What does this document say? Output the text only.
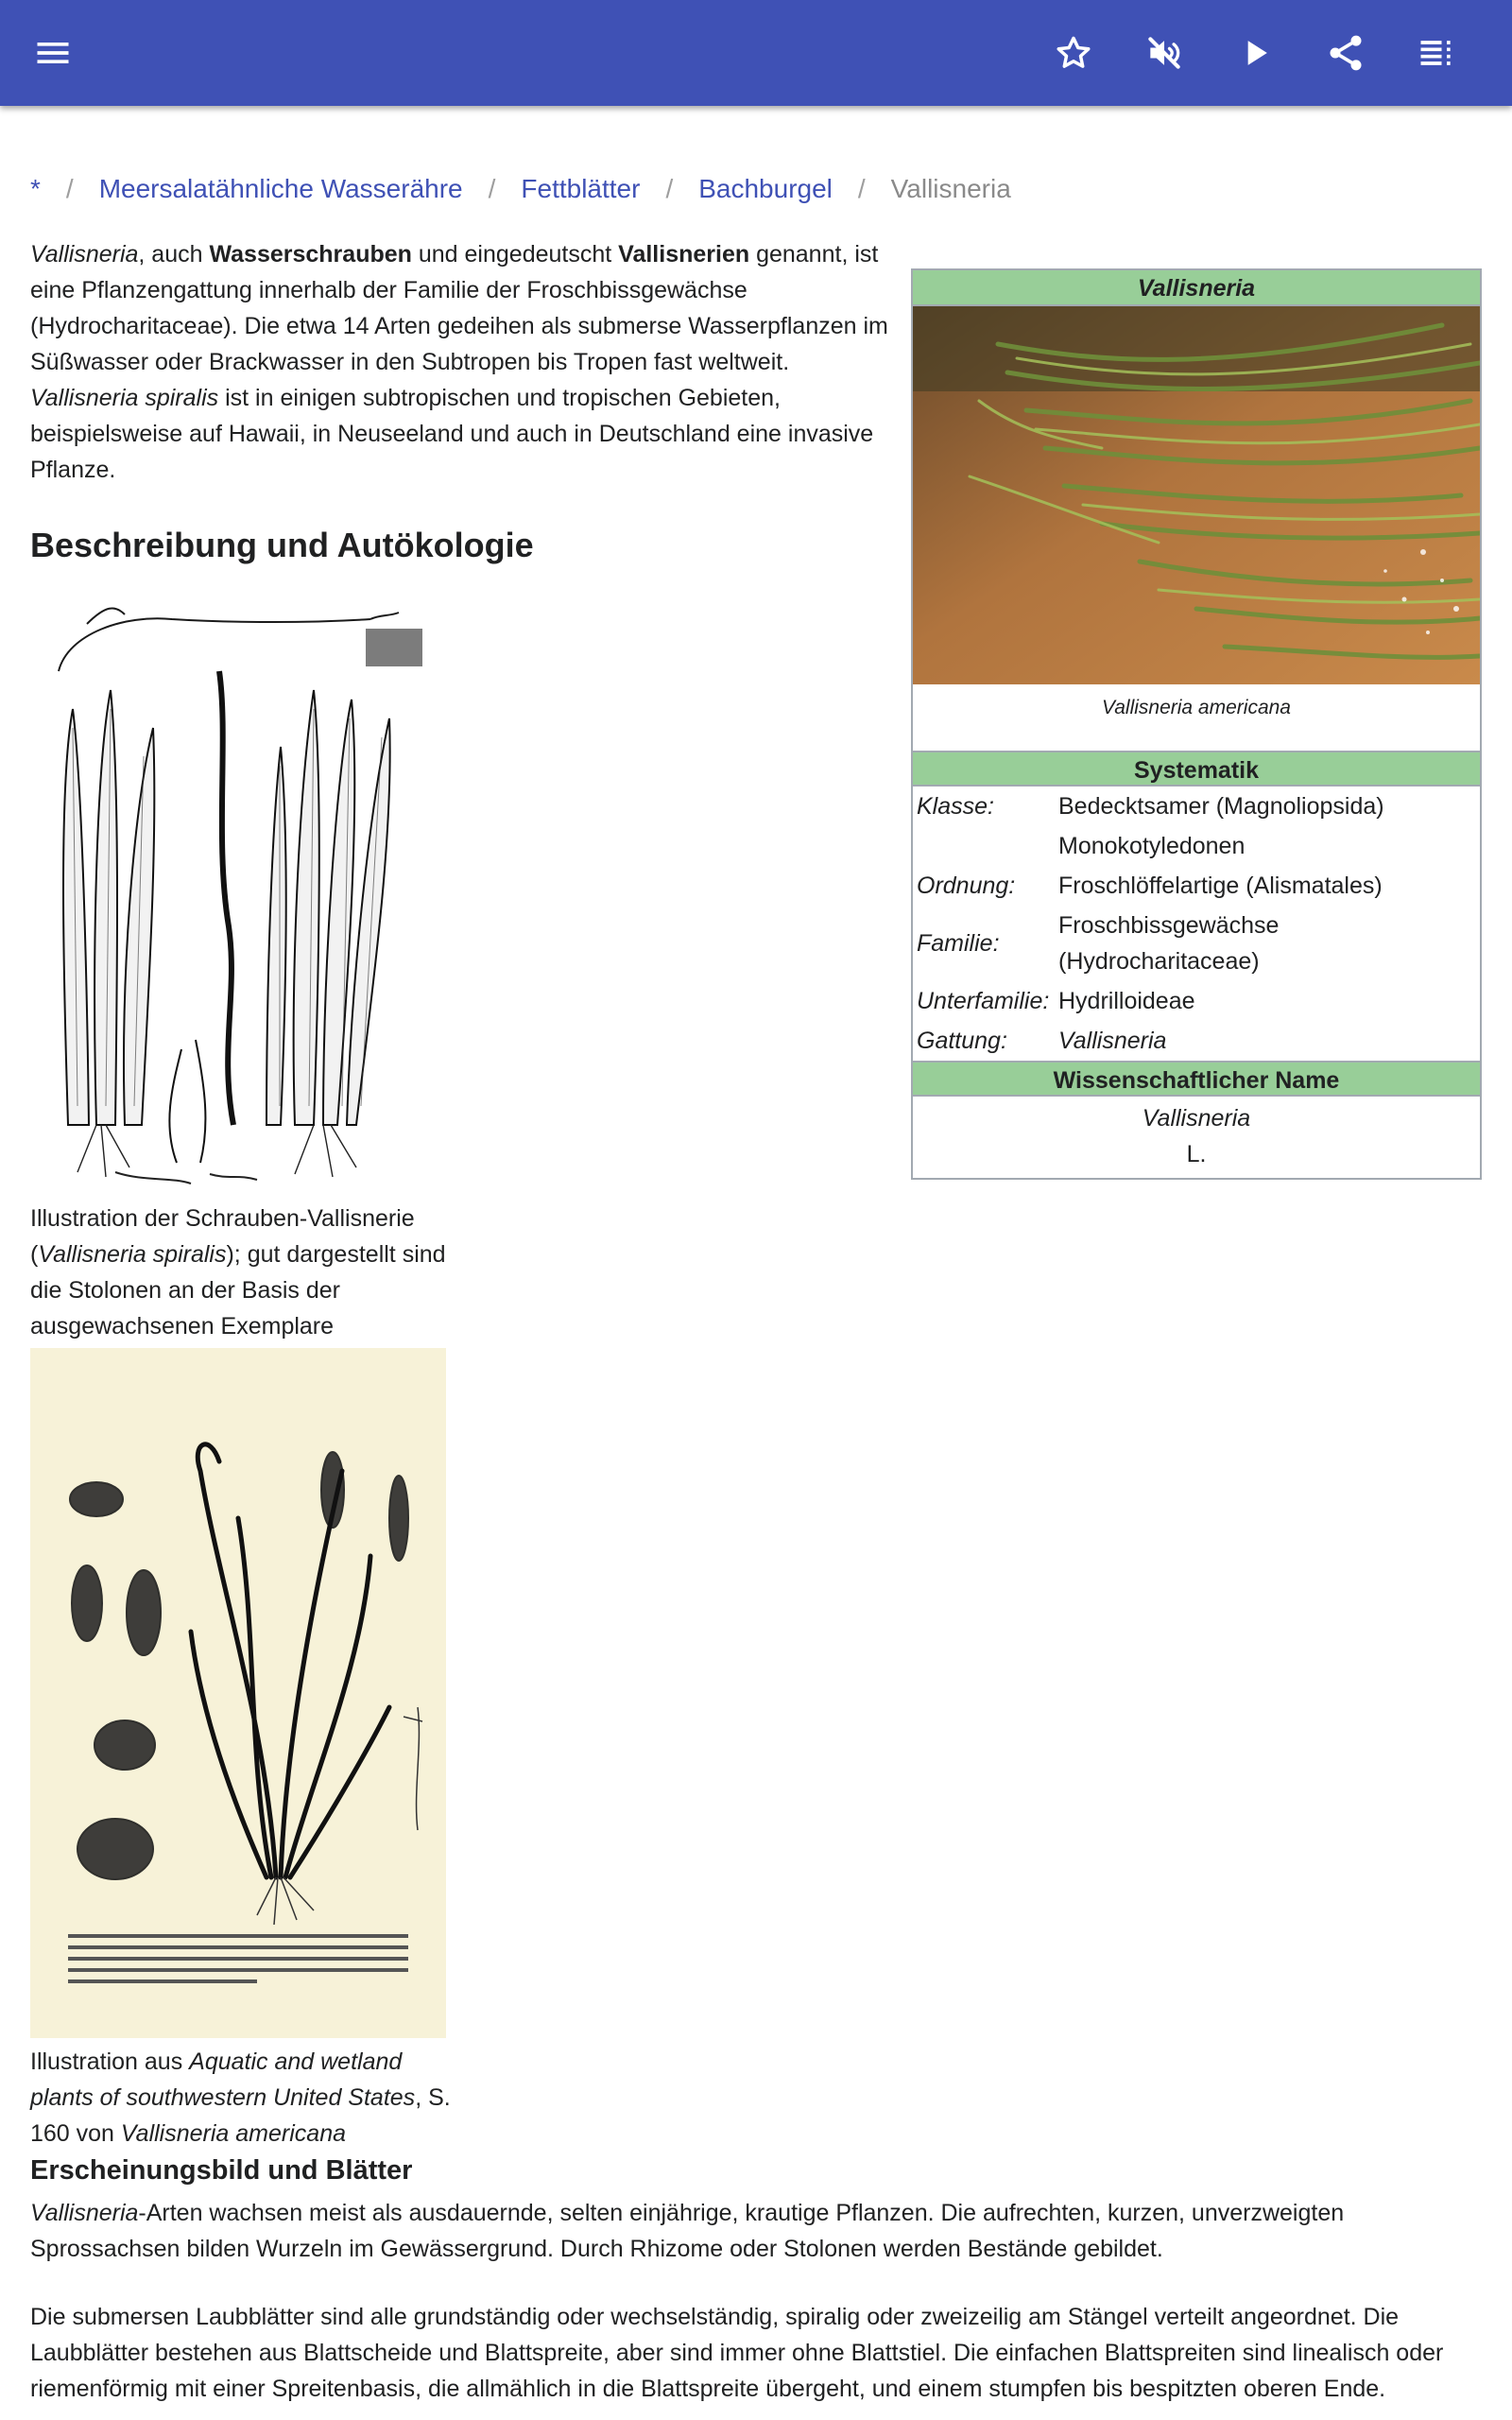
* / Meersalatähnliche Wasserähre / Fettblätter / Bachburgel / Vallisneria

Vallisneria, auch Wasserschrauben und eingedeutscht Vallisnerien genannt, ist eine Pflanzengattung innerhalb der Familie der Froschbissgewächse (Hydrocharitaceae). Die etwa 14 Arten gedeihen als submerse Wasserpflanzen im Süßwasser oder Brackwasser in den Subtropen bis Tropen fast weltweit. Vallisneria spiralis ist in einigen subtropischen und tropischen Gebieten, beispielsweise auf Hawaii, in Neuseeland und auch in Deutschland eine invasive Pflanze.

Vallisneria
Vallisneria americana
Systematik
Klasse:	Bedecktsamer (Magnoliopsida)
	Monokotyledonen
Ordnung:	Froschlöffelartige (Alismatales)
Familie:	Froschbissgewächse (Hydrocharitaceae)
Unterfamilie:	Hydrilloideae
Gattung:	Vallisneria
Wissenschaftlicher Name
Vallisneria
L.
Beschreibung und Autökologie
Illustration der Schrauben-Vallisnerie (Vallisneria spiralis); gut dargestellt sind die Stolonen an der Basis der ausgewachsenen Exemplare
Illustration aus Aquatic and wetland plants of southwestern United States, S. 160 von Vallisneria americana
Erscheinungsbild und Blätter
Vallisneria-Arten wachsen meist als ausdauernde, selten einjährige, krautige Pflanzen. Die aufrechten, kurzen, unverzweigten Sprossachsen bilden Wurzeln im Gewässergrund. Durch Rhizome oder Stolonen werden Bestände gebildet.
Die submersen Laubblätter sind alle grundständig oder wechselständig, spiralig oder zweizeilig am Stängel verteilt angeordnet. Die Laubblätter bestehen aus Blattscheide und Blattspreite, aber sind immer ohne Blattstiel. Die einfachen Blattspreiten sind linealisch oder riemenförmig mit einer Spreitenbasis, die allmählich in die Blattspreite übergeht, und einem stumpfen bis bespitzten oberen Ende.
